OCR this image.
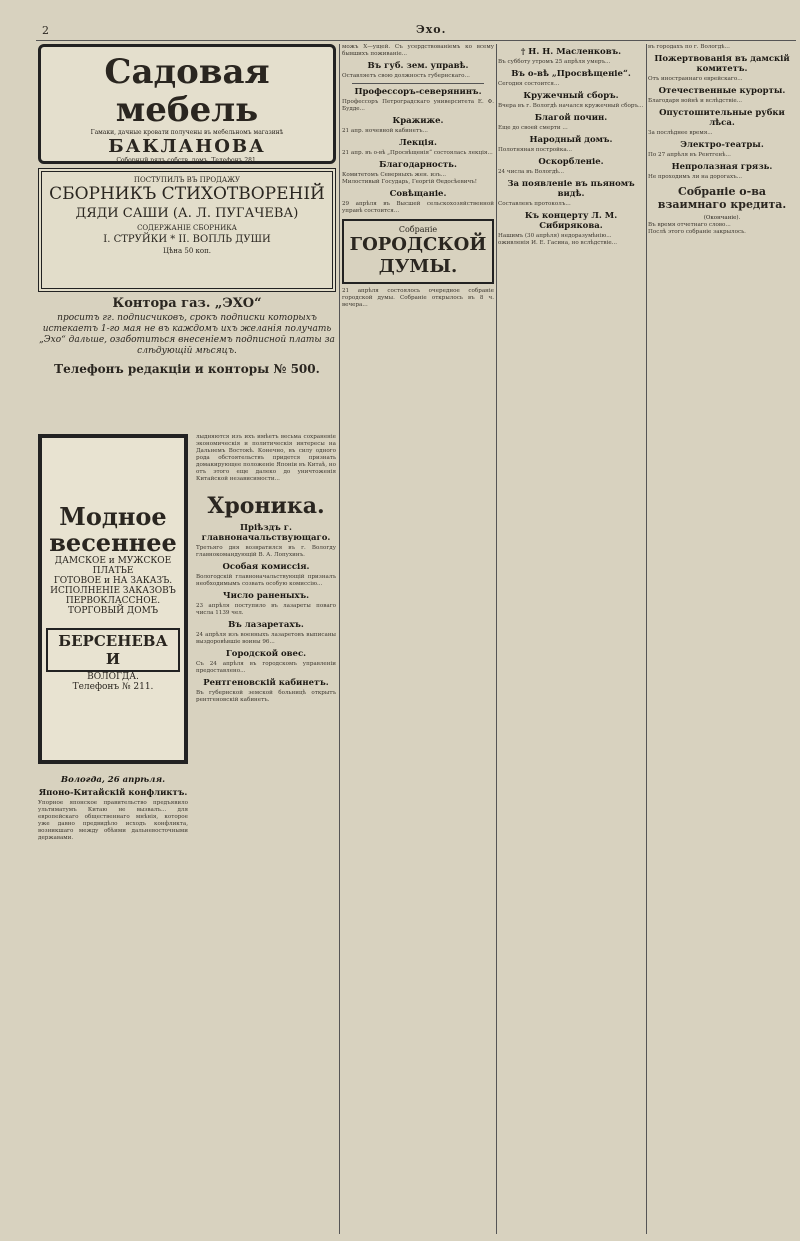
2	Эхо.
Садовая мебель
Гамаки, дачные кровати получены въ мебельномъ магазинѣ
БАКЛАНОВА
Соборный рядъ собств. домъ. Телефонъ 281.
ПОСТУПИЛЪ ВЪ ПРОДАЖУ
СБОРНИКЪ СТИХОТВОРЕНІЙ
ДЯДИ САШИ (А. Л. ПУГАЧЕВА)
СОДЕРЖАНІЕ СБОРНИКА
I. СТРУЙКИ * II. ВОПЛЬ ДУШИ
Цѣна 50 коп.
Контора газ. „ЭХО“
проситъ гг. подписчиковъ, срокъ подписки которыхъ истекаетъ 1-го мая не въ каждомъ ихъ желанія получать „Эхо“ дальше, озаботиться внесеніемъ подписной платы за слѣдующій мѣсяцъ.
Телефонъ редакціи и конторы № 500.
Модное весеннее
ДАМСКОЕ и МУЖСКОЕ ПЛАТЬЕ
ГОТОВОЕ и НА ЗАКАЗЪ.
ИСПОЛНЕНІЕ ЗАКАЗОВЪ ПЕРВОКЛАССНОЕ.
ТОРГОВЫЙ ДОМЪ
БЕРСЕНЕВА И
ВОЛОГДА.
Телефонъ № 211.

лыдняются изъ ихъ имѣетъ весьма сохраненіе экономическія и политическія интересы на Дальнемъ Востокѣ. Конечно, въ силу одного рода обстоятельствъ придется признать домакирующее положеніе Японіи въ Китаѣ, но отъ этого еще далеко до уничтоженія Китайской независимости...

Хроника.
Пріѣздъ г. главноначальствующаго.

Третьяго дня возвратился въ г. Вологду главнокомандующій В. А. Лопухинъ.

Особая комиссія.

Вологодскій главноначальствующій призналъ необходимымъ созвать особую комиссію...

Число раненыхъ.

23 апрѣля поступило въ лазареты поваго числа 1139 чел.

Въ лазаретахъ.

24 апрѣля изъ военныхъ лазаретовъ выписаны выздоровѣвшіе воины 96...

Городской овес.

Съ 24 апрѣля въ городскомъ управленіи предоставлено...

Рентгеновскій кабинетъ.

Въ губернской земской больницѣ открытъ рентгеновскій кабинетъ.

Вологда, 26 апрѣля.
Японо-Китайскій конфликтъ.

Упорное японское правительство предъявило ультиматумъ Китаю не вызвалъ... для европейскаго общественнаго мнѣнія, которое уже давно предвидѣло исходъ конфликта, возникшаго между обѣими дальневосточными державами.

можъ Х—ущей. Съ усердствованіемъ ко всему бывшихъ поживаніе...

Въ губ. зем. управѣ.

Оставляетъ свою должность губернскаго...

Профессоръ-северянинъ.

Профессоръ Петроградскаго университета Е. Ф. Будде...

Кражиже.

21 апр. ночевной кабинетъ...

Лекція.

21 апр. въ о-вѣ „Просвѣщенія“ состоялась лекція...

Благодарность.

Комитетомъ Северныхъ жен. изъ...

Милостивый Государь, Георгій Ѳедосѣевичъ!

Совѣщаніе.

29 апрѣля въ Высшей сельскохозяйственной управѣ состоится...

Собраніе
ГОРОДСКОЙ ДУМЫ.

21 апрѣля состоялось очередное собраніе городской думы. Собраніе открылось въ 8 ч. вечера...

† Н. Н. Масленковъ.

Въ субботу утромъ 25 апрѣля умеръ...

Въ о-вѣ „Просвѣщеніе“.

Сегодня состоится...

Кружечный сборъ.

Вчера въ г. Вологдѣ начался кружечный сборъ...

Благой почин.

Еще до своей смерти ...

Народный домъ.

Полотняная постройка...

Оскорбленіе.

24 числа въ Вологдѣ...

За появленіе въ пьяномъ видѣ.

Составленъ протоколъ...

Къ концерту Л. М. Сибирякова.

Нашимъ (30 апрѣля) недоразумѣнію...

оживленія И. Е. Гасина, но вслѣдствіе...

въ городахъ по г. Вологдѣ...

Пожертвованія въ дамскій комитетъ.

Отъ иностраннаго еврейскаго...

Отечественные курорты.

Благодаря войнѣ и вслѣдствіе...

Опустошительные рубки лѣса.

За послѣднее время...

Электро-театры.

По 27 апрѣля въ Рентгенѣ...

Непролазная грязь.

Не проходимъ ли на дорогахъ...

Собраніе о-ва взаимнаго кредита.
(Окончаніе).

Въ время отчетнаго слово...

Послѣ этого собраніе закрылось.
